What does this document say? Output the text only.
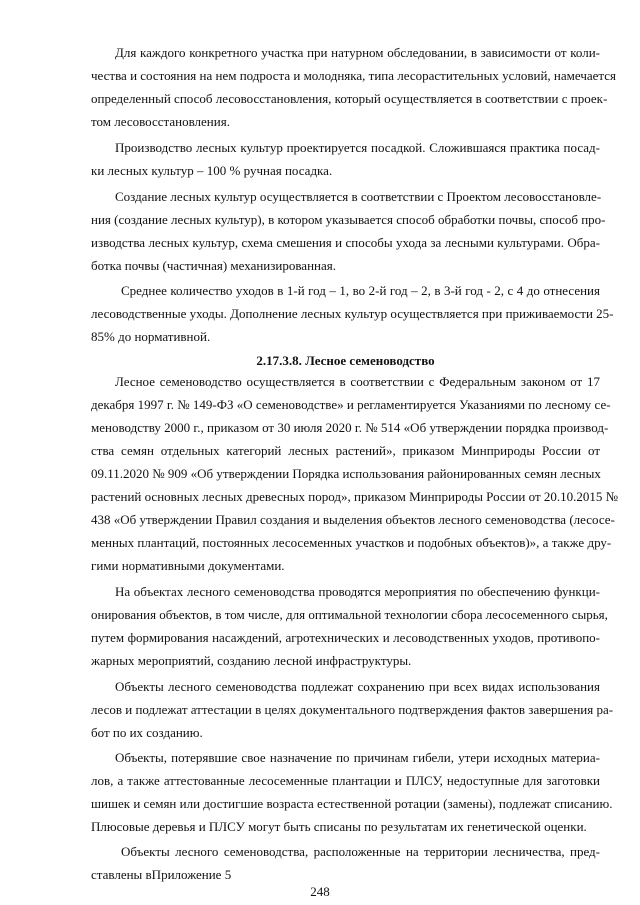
Для каждого конкретного участка при натурном обследовании, в зависимости от коли-
чества и состояния на нем подроста и молодняка, типа лесорастительных условий, намечается
определенный способ лесовосстановления, который осуществляется в соответствии с проек-
том лесовосстановления.
Производство лесных культур проектируется посадкой. Сложившаяся практика посад-
ки лесных культур – 100 % ручная посадка.
Создание лесных культур осуществляется в соответствии с Проектом лесовосстановле-
ния (создание лесных культур), в котором указывается способ обработки почвы, способ про-
изводства лесных культур, схема смешения и способы ухода за лесными культурами. Обра-
ботка почвы (частичная) механизированная.
Среднее количество уходов в 1-й год – 1, во 2-й год – 2, в 3-й год - 2, с 4 до отнесения
лесоводственные уходы. Дополнение лесных культур осуществляется при приживаемости 25-
85% до нормативной.
2.17.3.8. Лесное семеноводство
Лесное семеноводство осуществляется в соответствии с Федеральным законом от 17
декабря 1997 г. № 149-ФЗ «О семеноводстве» и регламентируется Указаниями по лесному се-
меноводству 2000 г., приказом от 30 июля 2020 г. № 514 «Об утверждении порядка производ-
ства семян отдельных категорий лесных растений», приказом Минприроды России от
09.11.2020 № 909 «Об утверждении Порядка использования районированных семян лесных
растений основных лесных древесных пород», приказом Минприроды России от 20.10.2015 №
438 «Об утверждении Правил создания и выделения объектов лесного семеноводства (лесосе-
менных плантаций, постоянных лесосеменных участков и подобных объектов)», а также дру-
гими нормативными документами.
На объектах лесного семеноводства проводятся мероприятия по обеспечению функци-
онирования объектов, в том числе, для оптимальной технологии сбора лесосеменного сырья,
путем формирования насаждений, агротехнических и лесоводственных уходов, противопо-
жарных мероприятий, созданию лесной инфраструктуры.
Объекты лесного семеноводства подлежат сохранению при всех видах использования
лесов и подлежат аттестации в целях документального подтверждения фактов завершения ра-
бот по их созданию.
Объекты, потерявшие свое назначение по причинам гибели, утери исходных материа-
лов, а также аттестованные лесосеменные плантации и ПЛСУ, недоступные для заготовки
шишек и семян или достигшие возраста естественной ротации (замены), подлежат списанию.
Плюсовые деревья и ПЛСУ могут быть списаны по результатам их генетической оценки.
Объекты лесного семеноводства, расположенные на территории лесничества, пред-
ставлены вПриложение 5
248
